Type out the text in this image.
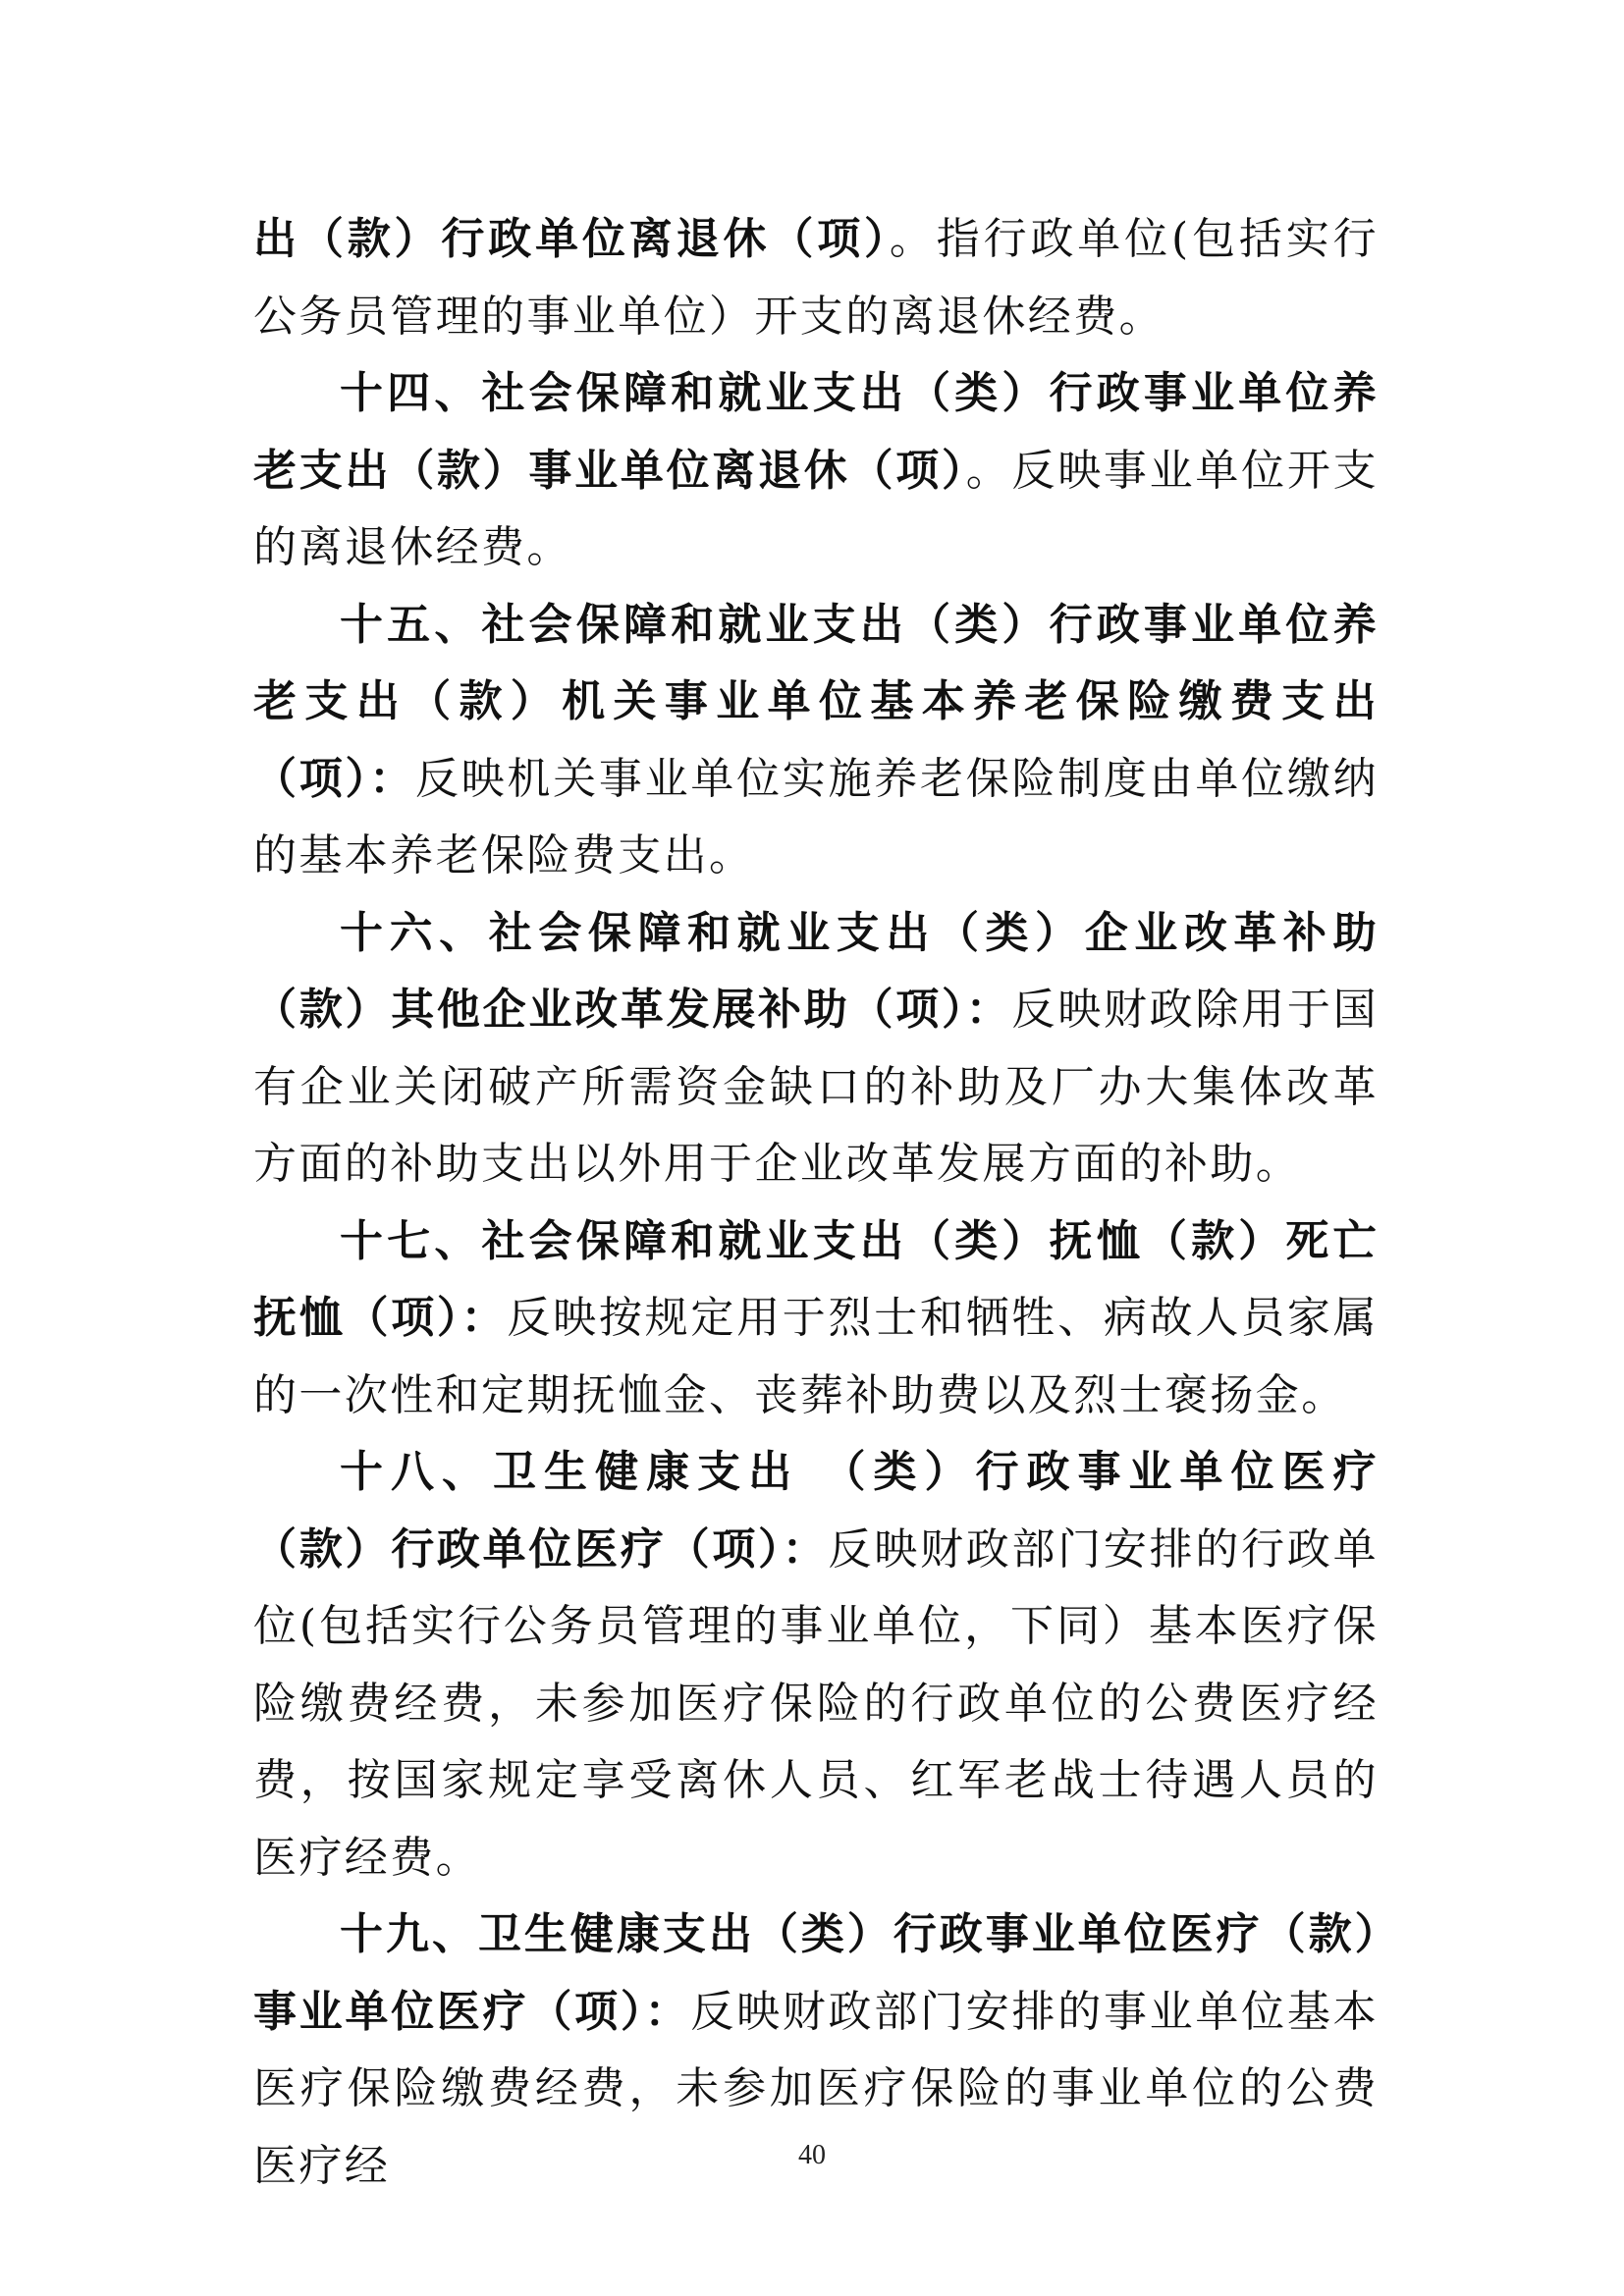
出（款）行政单位离退休（项）。指行政单位(包括实行公务员管理的事业单位）开支的离退休经费。

十四、社会保障和就业支出（类）行政事业单位养老支出（款）事业单位离退休（项）。反映事业单位开支的离退休经费。

十五、社会保障和就业支出（类）行政事业单位养老支出（款）机关事业单位基本养老保险缴费支出（项）：反映机关事业单位实施养老保险制度由单位缴纳的基本养老保险费支出。

十六、社会保障和就业支出（类）企业改革补助（款）其他企业改革发展补助（项）：反映财政除用于国有企业关闭破产所需资金缺口的补助及厂办大集体改革方面的补助支出以外用于企业改革发展方面的补助。

十七、社会保障和就业支出（类）抚恤（款）死亡抚恤（项）：反映按规定用于烈士和牺牲、病故人员家属的一次性和定期抚恤金、丧葬补助费以及烈士褒扬金。

十八、卫生健康支出 （类）行政事业单位医疗（款）行政单位医疗（项）：反映财政部门安排的行政单位(包括实行公务员管理的事业单位，下同）基本医疗保险缴费经费，未参加医疗保险的行政单位的公费医疗经费，按国家规定享受离休人员、红军老战士待遇人员的医疗经费。

十九、卫生健康支出（类）行政事业单位医疗（款）事业单位医疗（项）：反映财政部门安排的事业单位基本医疗保险缴费经费，未参加医疗保险的事业单位的公费医疗经	40
